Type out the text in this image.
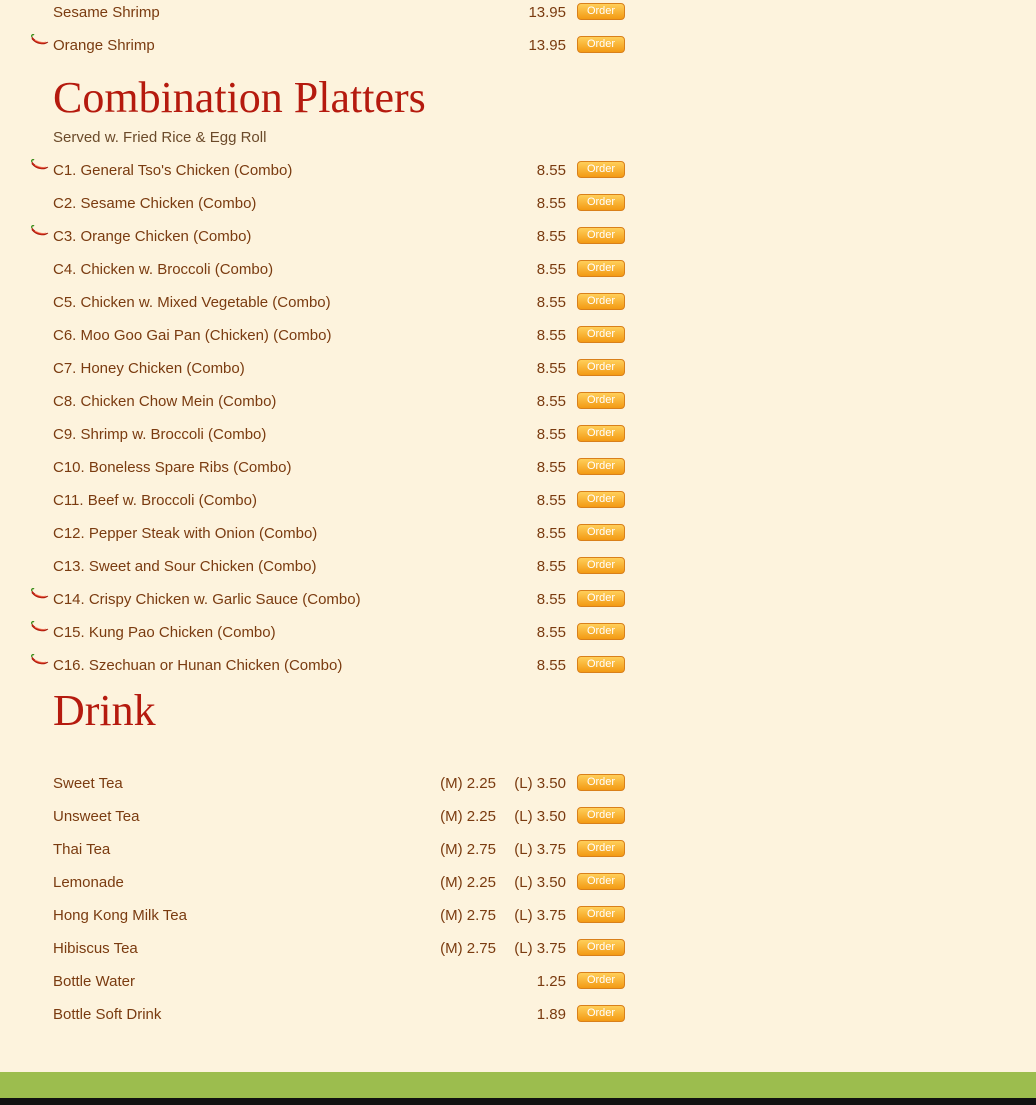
Sesame Shrimp	13.95	Order
Orange Shrimp	13.95	Order
Combination Platters
Served w. Fried Rice & Egg Roll
C1. General Tso's Chicken (Combo)	8.55	Order
C2. Sesame Chicken (Combo)	8.55	Order
C3. Orange Chicken (Combo)	8.55	Order
C4. Chicken w. Broccoli (Combo)	8.55	Order
C5. Chicken w. Mixed Vegetable (Combo)	8.55	Order
C6. Moo Goo Gai Pan (Chicken) (Combo)	8.55	Order
C7. Honey Chicken (Combo)	8.55	Order
C8. Chicken Chow Mein (Combo)	8.55	Order
C9. Shrimp w. Broccoli (Combo)	8.55	Order
C10. Boneless Spare Ribs (Combo)	8.55	Order
C11. Beef w. Broccoli (Combo)	8.55	Order
C12. Pepper Steak with Onion (Combo)	8.55	Order
C13. Sweet and Sour Chicken (Combo)	8.55	Order
C14. Crispy Chicken w. Garlic Sauce (Combo)	8.55	Order
C15. Kung Pao Chicken (Combo)	8.55	Order
C16. Szechuan or Hunan Chicken (Combo)	8.55	Order
Drink
Sweet Tea	(M) 2.25 (L) 3.50	Order
Unsweet Tea	(M) 2.25 (L) 3.50	Order
Thai Tea	(M) 2.75 (L) 3.75	Order
Lemonade	(M) 2.25 (L) 3.50	Order
Hong Kong Milk Tea	(M) 2.75 (L) 3.75	Order
Hibiscus Tea	(M) 2.75 (L) 3.75	Order
Bottle Water	1.25	Order
Bottle Soft Drink	1.89	Order
